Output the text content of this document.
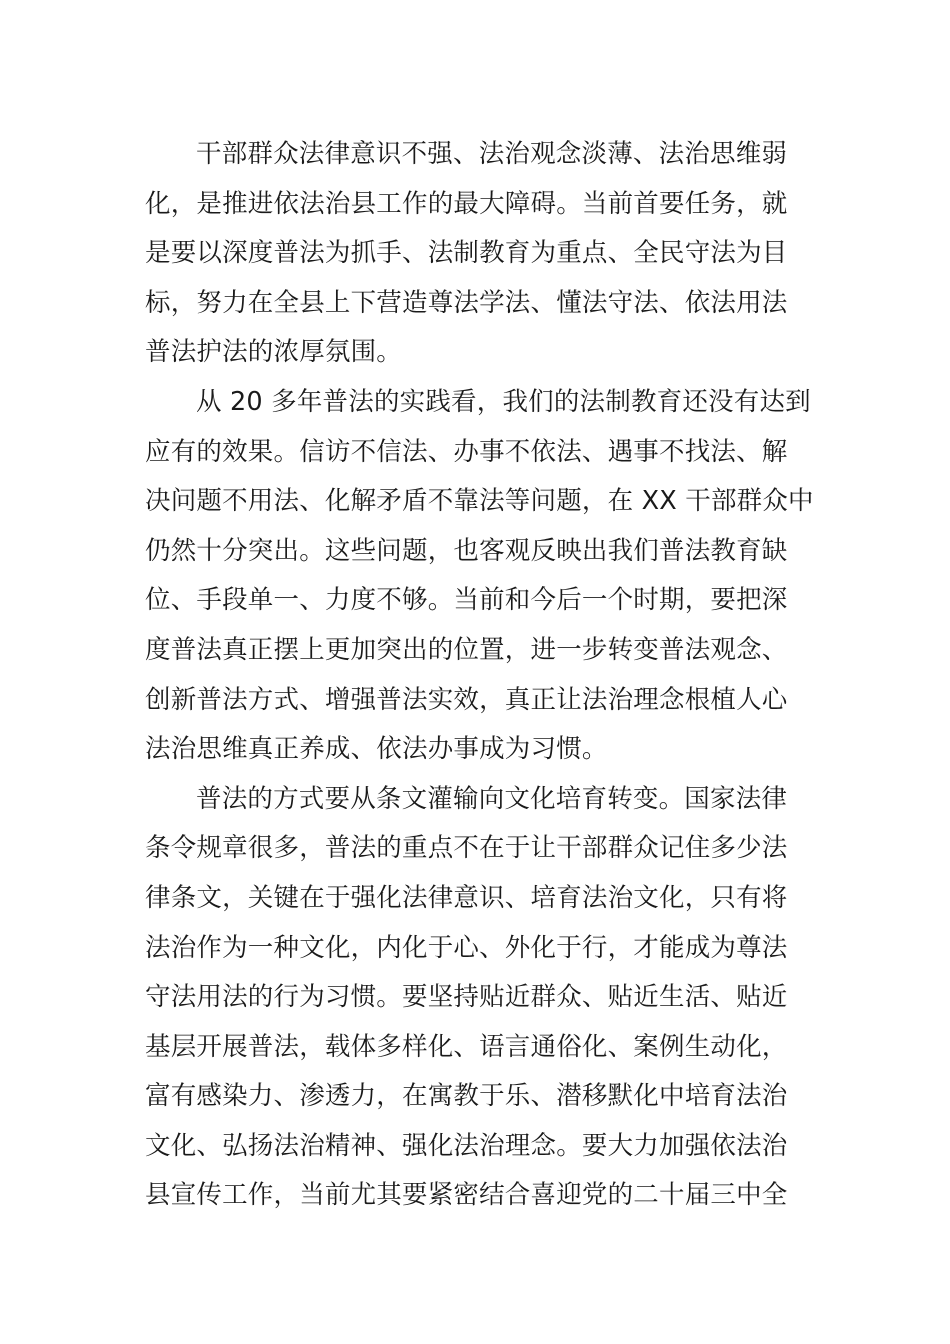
干部群众法律意识不强、法治观念淡薄、法治思维弱
化，是推进依法治县工作的最大障碍。当前首要任务，就
是要以深度普法为抓手、法制教育为重点、全民守法为目
标，努力在全县上下营造尊法学法、懂法守法、依法用法
普法护法的浓厚氛围。

从 20 多年普法的实践看，我们的法制教育还没有达到
应有的效果。信访不信法、办事不依法、遇事不找法、解
决问题不用法、化解矛盾不靠法等问题，在 XX 干部群众中
仍然十分突出。这些问题，也客观反映出我们普法教育缺
位、手段单一、力度不够。当前和今后一个时期，要把深
度普法真正摆上更加突出的位置，进一步转变普法观念、
创新普法方式、增强普法实效，真正让法治理念根植人心
法治思维真正养成、依法办事成为习惯。

普法的方式要从条文灌输向文化培育转变。国家法律
条令规章很多，普法的重点不在于让干部群众记住多少法
律条文，关键在于强化法律意识、培育法治文化，只有将
法治作为一种文化，内化于心、外化于行，才能成为尊法
守法用法的行为习惯。要坚持贴近群众、贴近生活、贴近
基层开展普法，载体多样化、语言通俗化、案例生动化，
富有感染力、渗透力，在寓教于乐、潜移默化中培育法治
文化、弘扬法治精神、强化法治理念。要大力加强依法治
县宣传工作，当前尤其要紧密结合喜迎党的二十届三中全
